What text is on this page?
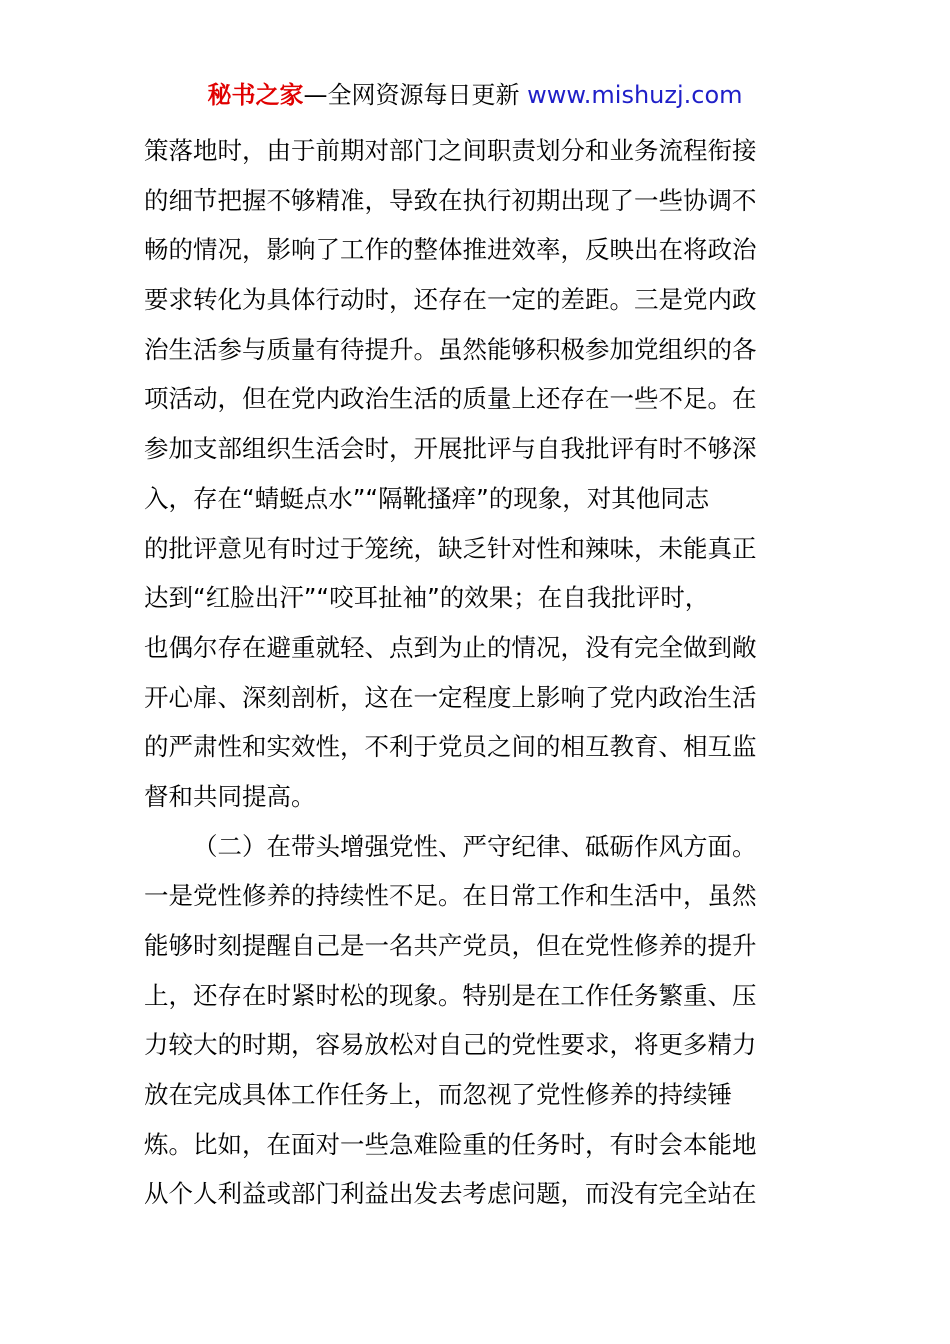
秘书之家—全网资源每日更新 www.mishuzj.com
策落地时，由于前期对部门之间职责划分和业务流程衔接
的细节把握不够精准，导致在执行初期出现了一些协调不
畅的情况，影响了工作的整体推进效率，反映出在将政治
要求转化为具体行动时，还存在一定的差距。三是党内政
治生活参与质量有待提升。虽然能够积极参加党组织的各
项活动，但在党内政治生活的质量上还存在一些不足。在
参加支部组织生活会时，开展批评与自我批评有时不够深
入，存在“蜻蜓点水”“隔靴搔痒”的现象，对其他同志
的批评意见有时过于笼统，缺乏针对性和辣味，未能真正
达到“红脸出汗”“咬耳扯袖”的效果；在自我批评时，
也偶尔存在避重就轻、点到为止的情况，没有完全做到敞
开心扉、深刻剖析，这在一定程度上影响了党内政治生活
的严肃性和实效性，不利于党员之间的相互教育、相互监
督和共同提高。
（二）在带头增强党性、严守纪律、砥砺作风方面。
一是党性修养的持续性不足。在日常工作和生活中，虽然
能够时刻提醒自己是一名共产党员，但在党性修养的提升
上，还存在时紧时松的现象。特别是在工作任务繁重、压
力较大的时期，容易放松对自己的党性要求，将更多精力
放在完成具体工作任务上，而忽视了党性修养的持续锤
炼。比如，在面对一些急难险重的任务时，有时会本能地
从个人利益或部门利益出发去考虑问题，而没有完全站在
